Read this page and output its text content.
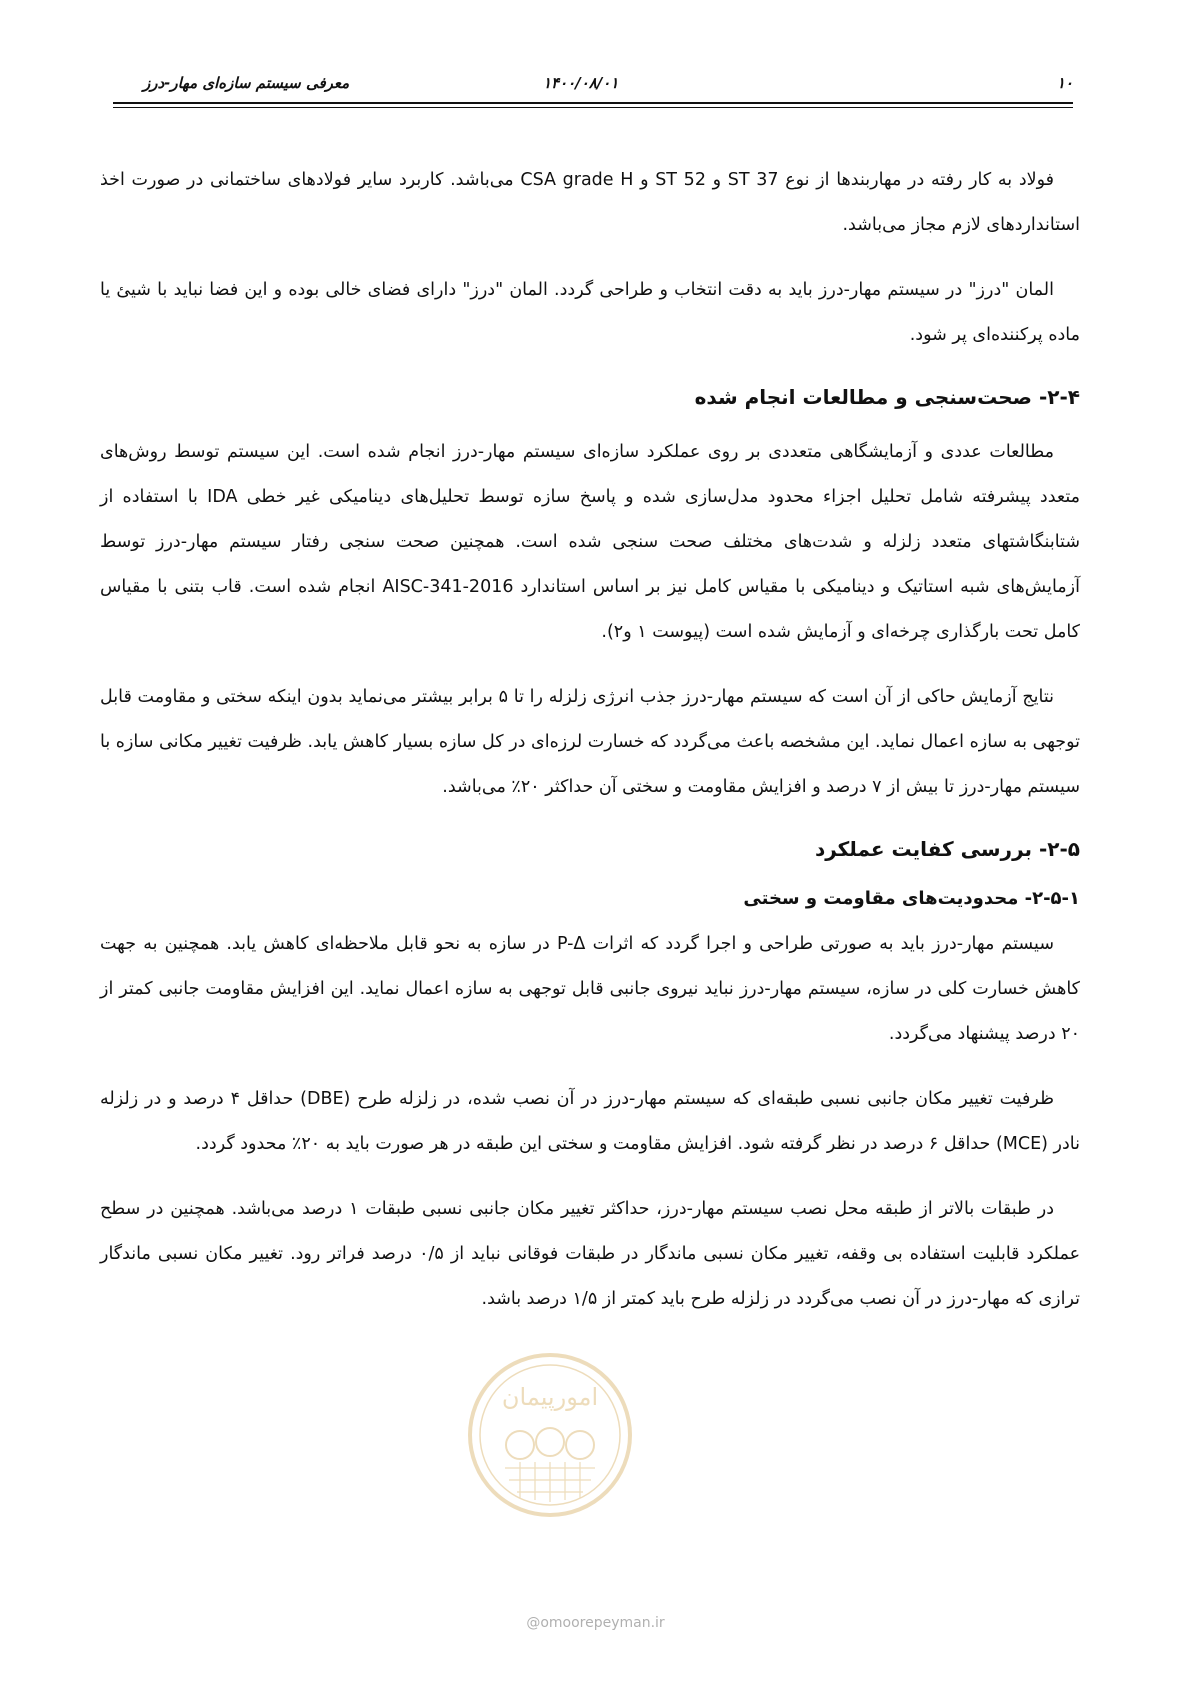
۱۰
۱۴۰۰/۰۸/۰۱
معرفی سیستم سازه‌ای مهار-درز

فولاد به کار رفته در مهاربندها از نوع ST 37 و ST 52 و CSA grade H می‌باشد. کاربرد سایر فولادهای ساختمانی در صورت اخذ استانداردهای لازم مجاز می‌باشد.

المان "درز" در سیستم مهار-درز باید به دقت انتخاب و طراحی گردد. المان "درز" دارای فضای خالی بوده و این فضا نباید با شیئ یا ماده پرکننده‌ای پر شود.

۲-۴- صحت‌سنجی و مطالعات انجام شده

مطالعات عددی و آزمایشگاهی متعددی بر روی عملکرد سازه‌ای سیستم مهار-درز انجام شده است. این سیستم توسط روش‌های متعدد پیشرفته شامل تحلیل اجزاء محدود مدل‌سازی شده و پاسخ سازه توسط تحلیل‌های دینامیکی غیر خطی IDA با استفاده از شتابنگاشتهای متعدد زلزله و شدت‌های مختلف صحت سنجی شده است. همچنین صحت سنجی رفتار سیستم مهار-درز توسط آزمایش‌های شبه استاتیک و دینامیکی با مقیاس کامل نیز بر اساس استاندارد AISC-341-2016 انجام شده است. قاب بتنی با مقیاس کامل تحت بارگذاری چرخه‌ای و آزمایش شده است (پیوست ۱ و۲).

نتایج آزمایش حاکی از آن است که سیستم مهار-درز جذب انرژی زلزله را تا ۵ برابر بیشتر می‌نماید بدون اینکه سختی و مقاومت قابل توجهی به سازه اعمال نماید. این مشخصه باعث می‌گردد که خسارت لرزه‌ای در کل سازه بسیار کاهش یابد. ظرفیت تغییر مکانی سازه با سیستم مهار-درز تا بیش از ۷ درصد و افزایش مقاومت و سختی آن حداکثر ۲۰٪ می‌باشد.

۲-۵- بررسی کفایت عملکرد
۲-۵-۱- محدودیت‌های مقاومت و سختی

سیستم مهار-درز باید به صورتی طراحی و اجرا گردد که اثرات P-Δ در سازه به نحو قابل ملاحظه‌ای کاهش یابد. همچنین به جهت کاهش خسارت کلی در سازه، سیستم مهار-درز نباید نیروی جانبی قابل توجهی به سازه اعمال نماید. این افزایش مقاومت جانبی کمتر از ۲۰ درصد پیشنهاد می‌گردد.

ظرفیت تغییر مکان جانبی نسبی طبقه‌ای که سیستم مهار-درز در آن نصب شده، در زلزله طرح (DBE) حداقل ۴ درصد و در زلزله نادر (MCE) حداقل ۶ درصد در نظر گرفته شود. افزایش مقاومت و سختی این طبقه در هر صورت باید به ۲۰٪ محدود گردد.

در طبقات بالاتر از طبقه محل نصب سیستم مهار-درز، حداکثر تغییر مکان جانبی نسبی طبقات ۱ درصد می‌باشد. همچنین در سطح عملکرد قابلیت استفاده بی وقفه، تغییر مکان نسبی ماندگار در طبقات فوقانی نباید از ۰/۵ درصد فراتر رود. تغییر مکان نسبی ماندگار ترازی که مهار-درز در آن نصب می‌گردد در زلزله طرح باید کمتر از ۱/۵ درصد باشد.

امورپیمان
@omoorepeyman.ir
